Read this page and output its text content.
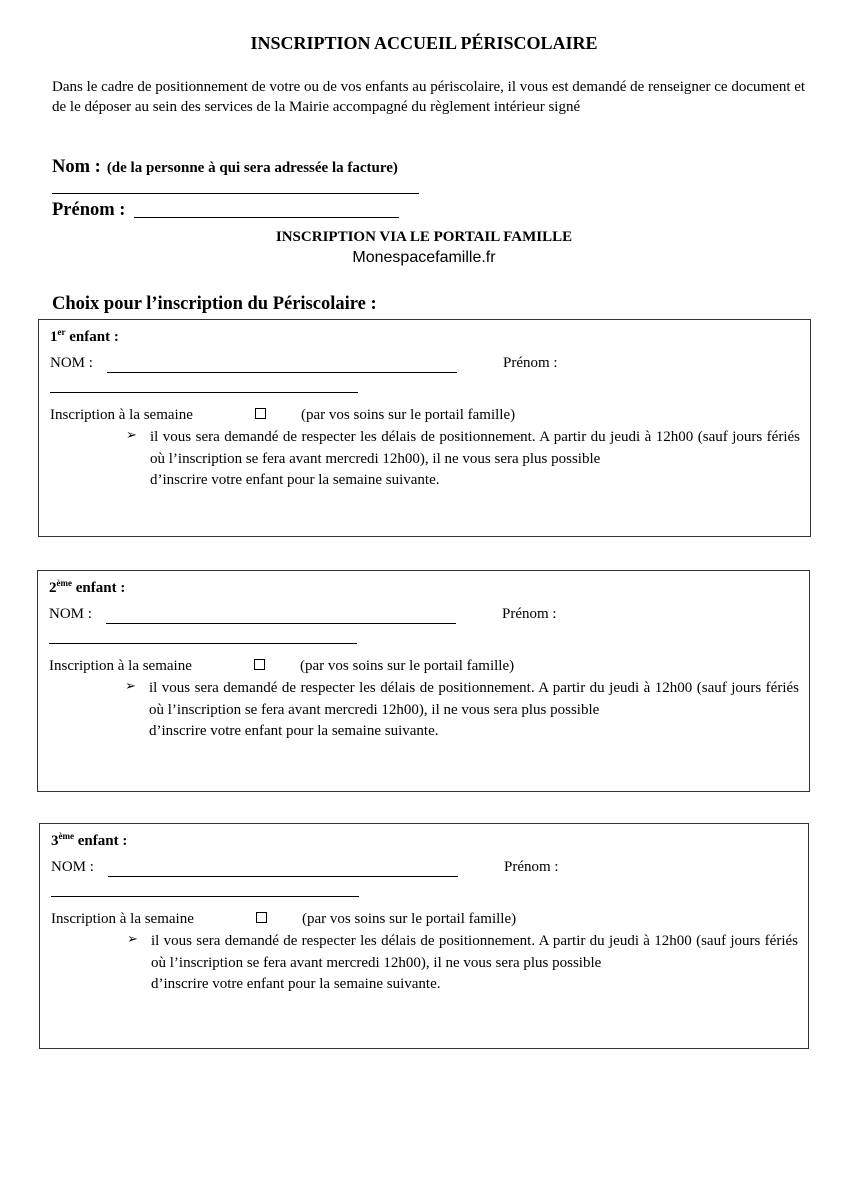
INSCRIPTION ACCUEIL PÉRISCOLAIRE
Dans le cadre de positionnement de votre ou de vos enfants au périscolaire, il vous est demandé de renseigner ce document et de le déposer au sein des services de la Mairie accompagné du règlement intérieur signé
Nom : (de la personne à qui sera adressée la facture)
Prénom :
INSCRIPTION VIA LE PORTAIL FAMILLE
Monespacefamille.fr
Choix pour l’inscription du Périscolaire :
1er enfant :
NOM :	Prénom :
Inscription à la semaine	(par vos soins sur le portail famille)
➢ il vous sera demandé de respecter les délais de positionnement. A partir du jeudi à 12h00 (sauf jours fériés où l’inscription se fera avant mercredi 12h00), il ne vous sera plus possible
d’inscrire votre enfant pour la semaine suivante.
2ème enfant :
NOM :	Prénom :
Inscription à la semaine	(par vos soins sur le portail famille)
➢ il vous sera demandé de respecter les délais de positionnement. A partir du jeudi à 12h00 (sauf jours fériés où l’inscription se fera avant mercredi 12h00), il ne vous sera plus possible
d’inscrire votre enfant pour la semaine suivante.
3ème enfant :
NOM :	Prénom :
Inscription à la semaine	(par vos soins sur le portail famille)
➢ il vous sera demandé de respecter les délais de positionnement. A partir du jeudi à 12h00 (sauf jours fériés où l’inscription se fera avant mercredi 12h00), il ne vous sera plus possible
d’inscrire votre enfant pour la semaine suivante.
